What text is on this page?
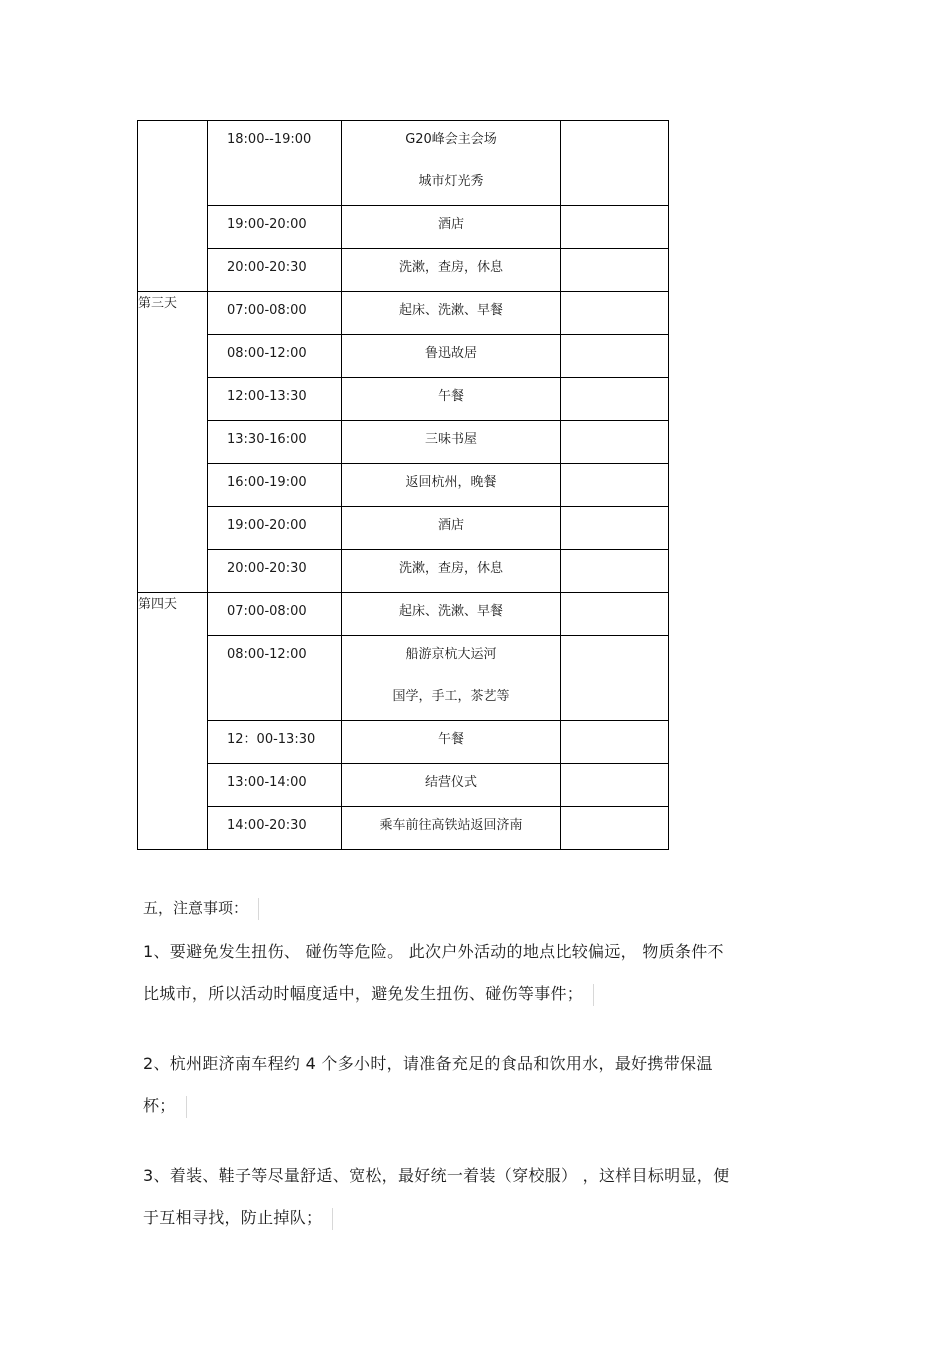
	18:00--19:00	G20峰会主会场
城市灯光秀	

	19:00-20:00	酒店	

	20:00-20:30	洗漱，查房，休息	

第三天	07:00-08:00	起床、洗漱、早餐	

	08:00-12:00	鲁迅故居	

	12:00-13:30	午餐	

	13:30-16:00	三味书屋	

	16:00-19:00	返回杭州，晚餐	

	19:00-20:00	酒店	

	20:00-20:30	洗漱，查房，休息	

第四天	07:00-08:00	起床、洗漱、早餐	

	08:00-12:00	船游京杭大运河
国学，手工，茶艺等	

	12：00-13:30	午餐	

	13:00-14:00	结营仪式	

	14:00-20:30	乘车前往高铁站返回济南	

五，注意事项：
1、要避免发生扭伤、 碰伤等危险。 此次户外活动的地点比较偏远， 物质条件不
比城市，所以活动时幅度适中，避免发生扭伤、碰伤等事件；
2、杭州距济南车程约 4 个多小时，请准备充足的食品和饮用水，最好携带保温
杯；
3、着装、鞋子等尽量舒适、宽松，最好统一着装（穿校服） ，这样目标明显，便
于互相寻找，防止掉队；
